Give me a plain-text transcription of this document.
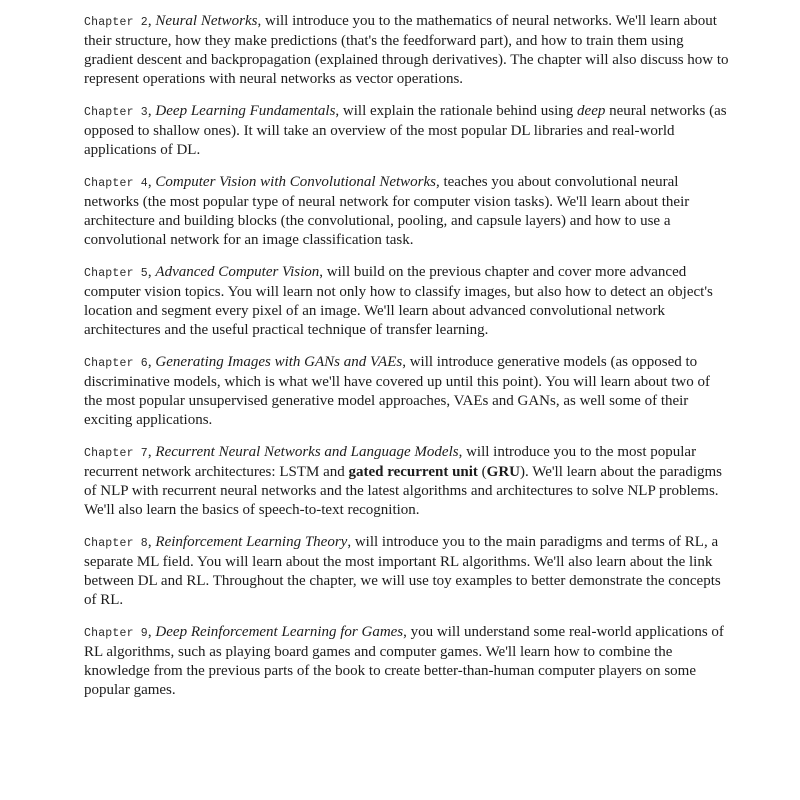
Chapter 2, Neural Networks, will introduce you to the mathematics of neural networks. We'll learn about their structure, how they make predictions (that's the feedforward part), and how to train them using gradient descent and backpropagation (explained through derivatives). The chapter will also discuss how to represent operations with neural networks as vector operations.

Chapter 3, Deep Learning Fundamentals, will explain the rationale behind using deep neural networks (as opposed to shallow ones). It will take an overview of the most popular DL libraries and real-world applications of DL.

Chapter 4, Computer Vision with Convolutional Networks, teaches you about convolutional neural networks (the most popular type of neural network for computer vision tasks). We'll learn about their architecture and building blocks (the convolutional, pooling, and capsule layers) and how to use a convolutional network for an image classification task.

Chapter 5, Advanced Computer Vision, will build on the previous chapter and cover more advanced computer vision topics. You will learn not only how to classify images, but also how to detect an object's location and segment every pixel of an image. We'll learn about advanced convolutional network architectures and the useful practical technique of transfer learning.

Chapter 6, Generating Images with GANs and VAEs, will introduce generative models (as opposed to discriminative models, which is what we'll have covered up until this point). You will learn about two of the most popular unsupervised generative model approaches, VAEs and GANs, as well some of their exciting applications.

Chapter 7, Recurrent Neural Networks and Language Models, will introduce you to the most popular recurrent network architectures: LSTM and gated recurrent unit (GRU). We'll learn about the paradigms of NLP with recurrent neural networks and the latest algorithms and architectures to solve NLP problems. We'll also learn the basics of speech-to-text recognition.

Chapter 8, Reinforcement Learning Theory, will introduce you to the main paradigms and terms of RL, a separate ML field. You will learn about the most important RL algorithms. We'll also learn about the link between DL and RL. Throughout the chapter, we will use toy examples to better demonstrate the concepts of RL.

Chapter 9, Deep Reinforcement Learning for Games, you will understand some real-world applications of RL algorithms, such as playing board games and computer games. We'll learn how to combine the knowledge from the previous parts of the book to create better-than-human computer players on some popular games.
